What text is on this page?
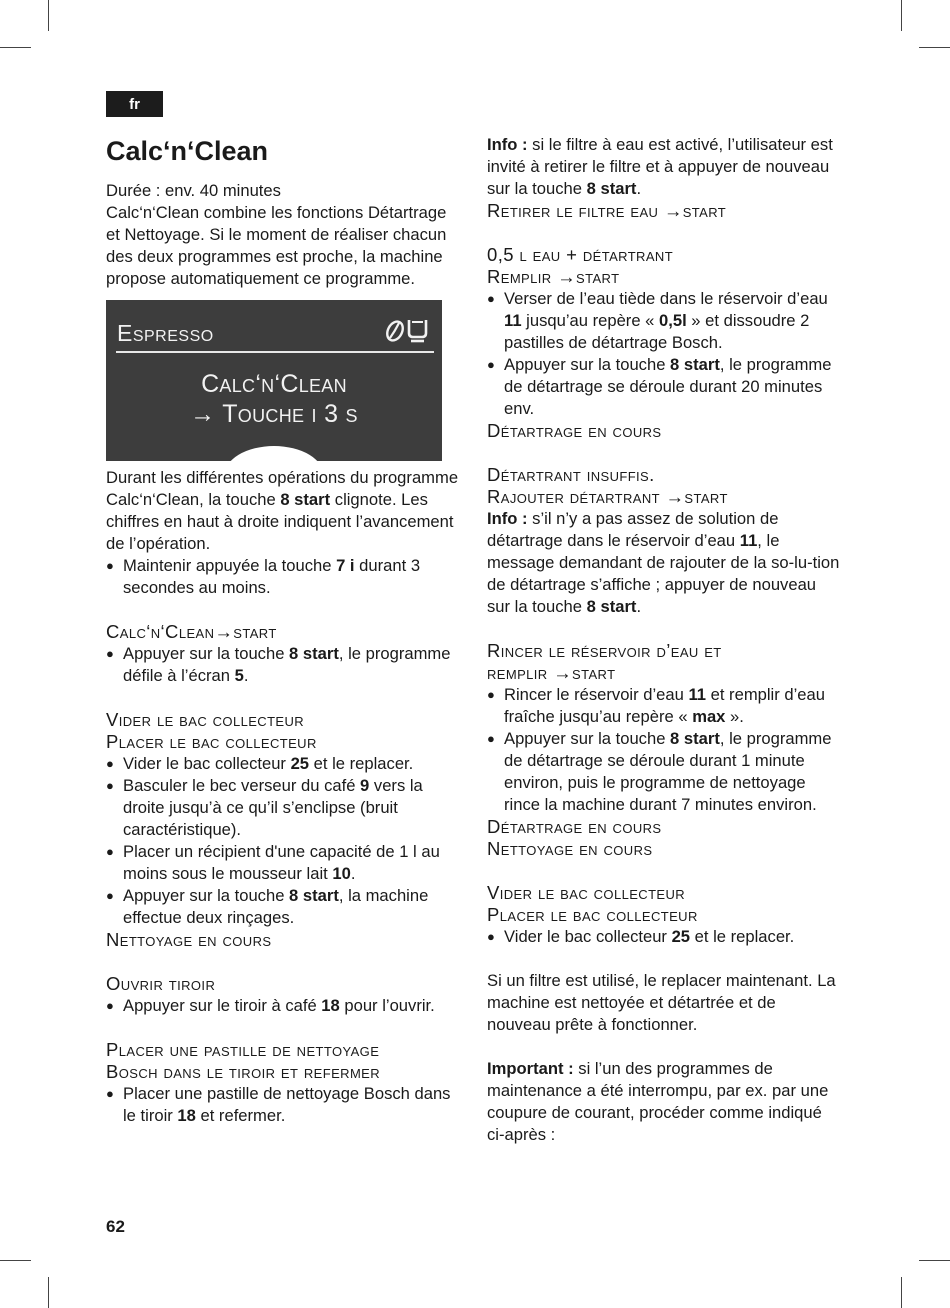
fr
Calc‘n‘Clean

Durée : env. 40 minutes

Calc‘n‘Clean combine les fonctions Détartrage et Nettoyage. Si le moment de réaliser chacun des deux programmes est proche, la machine propose automatiquement ce programme.

Espresso
Calc‘n‘Clean
→ Touche i 3 s

Durant les différentes opérations du programme Calc‘n‘Clean, la touche 8 start clignote. Les chiffres en haut à droite indiquent l’avancement de l’opération.

● Maintenir appuyée la touche 7 i durant 3 secondes au moins.
Calc‘n‘Clean→start
● Appuyer sur la touche 8 start, le programme défile à l’écran 5.
Vider le bac collecteur
Placer le bac collecteur
● Vider le bac collecteur 25 et le replacer.
● Basculer le bec verseur du café 9 vers la droite jusqu’à ce qu’il s’enclipse (bruit caractéristique).
● Placer un récipient d'une capacité de 1 l au moins sous le mousseur lait 10.
● Appuyer sur la touche 8 start, la machine effectue deux rinçages.
Nettoyage en cours
Ouvrir tiroir
● Appuyer sur le tiroir à café 18 pour l’ouvrir.
Placer une pastille de nettoyage
Bosch dans le tiroir et refermer
● Placer une pastille de nettoyage Bosch dans le tiroir 18 et refermer.

Info : si le filtre à eau est activé, l’utilisateur est invité à retirer le filtre et à appuyer de nouveau sur la touche 8 start.

Retirer le filtre eau →start
0,5 l eau + détartrant
Remplir →start
● Verser de l’eau tiède dans le réservoir d’eau 11 jusqu’au repère « 0,5l » et dissoudre 2 pastilles de détartrage Bosch.
● Appuyer sur la touche 8 start, le programme de détartrage se déroule durant 20 minutes env.
Détartrage en cours
Détartrant insuffis.
Rajouter détartrant →start

Info : s’il n’y a pas assez de solution de détartrage dans le réservoir d’eau 11, le message demandant de rajouter de la so-lu-tion de détartrage s’affiche ; appuyer de nouveau sur la touche 8 start.

Rincer le réservoir d’eau et
remplir →start
● Rincer le réservoir d’eau 11 et remplir d’eau fraîche jusqu’au repère « max ».
● Appuyer sur la touche 8 start, le programme de détartrage se déroule durant 1 minute environ, puis le programme de nettoyage rince la machine durant 7 minutes environ.
Détartrage en cours
Nettoyage en cours
Vider le bac collecteur
Placer le bac collecteur
● Vider le bac collecteur 25 et le replacer.

Si un filtre est utilisé, le replacer maintenant. La machine est nettoyée et détartrée et de nouveau prête à fonctionner.

Important : si l’un des programmes de maintenance a été interrompu, par ex. par une coupure de courant, procéder comme indiqué ci-après :

62
